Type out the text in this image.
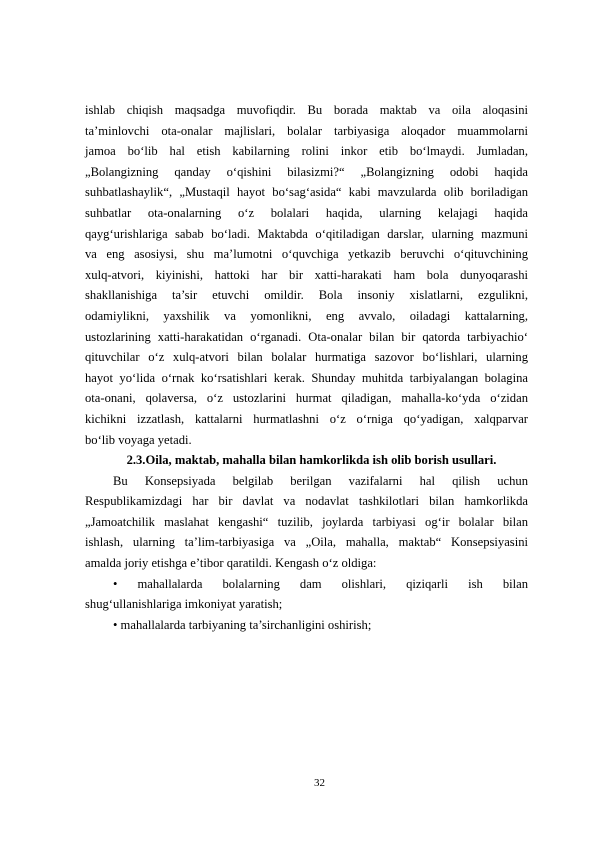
ishlab chiqish maqsadga muvofiqdir. Bu borada maktab va oila aloqasini
ta’minlovchi ota-onalar majlislari, bolalar tarbiyasiga aloqador muammolarni
jamoa bo‘lib hal etish kabilarning rolini inkor etib bo‘lmaydi. Jumladan,
„Bolangizning qanday o‘qishini bilasizmi?“ „Bolangizning odobi haqida
suhbatlashaylik“, „Mustaqil hayot bo‘sag‘asida“ kabi mavzularda olib boriladigan
suhbatlar ota-onalarning o‘z bolalari haqida, ularning kelajagi haqida
qayg‘urishlariga sabab bo‘ladi. Maktabda o‘qitiladigan darslar, ularning mazmuni
va eng asosiysi, shu ma’lumotni o‘quvchiga yetkazib beruvchi o‘qituvchining
xulq-atvori, kiyinishi, hattoki har bir xatti-harakati ham bola dunyoqarashi
shakllanishiga ta’sir etuvchi omildir. Bola insoniy xislatlarni, ezgulikni,
odamiylikni, yaxshilik va yomonlikni, eng avvalo, oiladagi kattalarning,
ustozlarining xatti-harakatidan o‘rganadi. Ota-onalar bilan bir qatorda tarbiyachio‘
qituvchilar o‘z xulq-atvori bilan bolalar hurmatiga sazovor bo‘lishlari, ularning
hayot yo‘lida o‘rnak ko‘rsatishlari kerak. Shunday muhitda tarbiyalangan bolagina
ota-onani, qolaversa, o‘z ustozlarini hurmat qiladigan, mahalla-ko‘yda o‘zidan
kichikni izzatlash, kattalarni hurmatlashni o‘z o‘rniga qo‘yadigan, xalqparvar
bo‘lib voyaga yetadi.
2.3.Oila, maktab, mahalla bilan hamkorlikda ish olib borish usullari.
Bu Konsepsiyada belgilab berilgan vazifalarni hal qilish uchun
Respublikamizdagi har bir davlat va nodavlat tashkilotlari bilan hamkorlikda
„Jamoatchilik maslahat kengashi“ tuzilib, joylarda tarbiyasi og‘ir bolalar bilan
ishlash, ularning ta’lim-tarbiyasiga va „Oila, mahalla, maktab“ Konsepsiyasini
amalda joriy etishga e’tibor qaratildi. Kengash o‘z oldiga:
• mahallalarda bolalarning dam olishlari, qiziqarli ish bilan
shug‘ullanishlariga imkoniyat yaratish;
• mahallalarda tarbiyaning ta’sirchanligini oshirish;
32
